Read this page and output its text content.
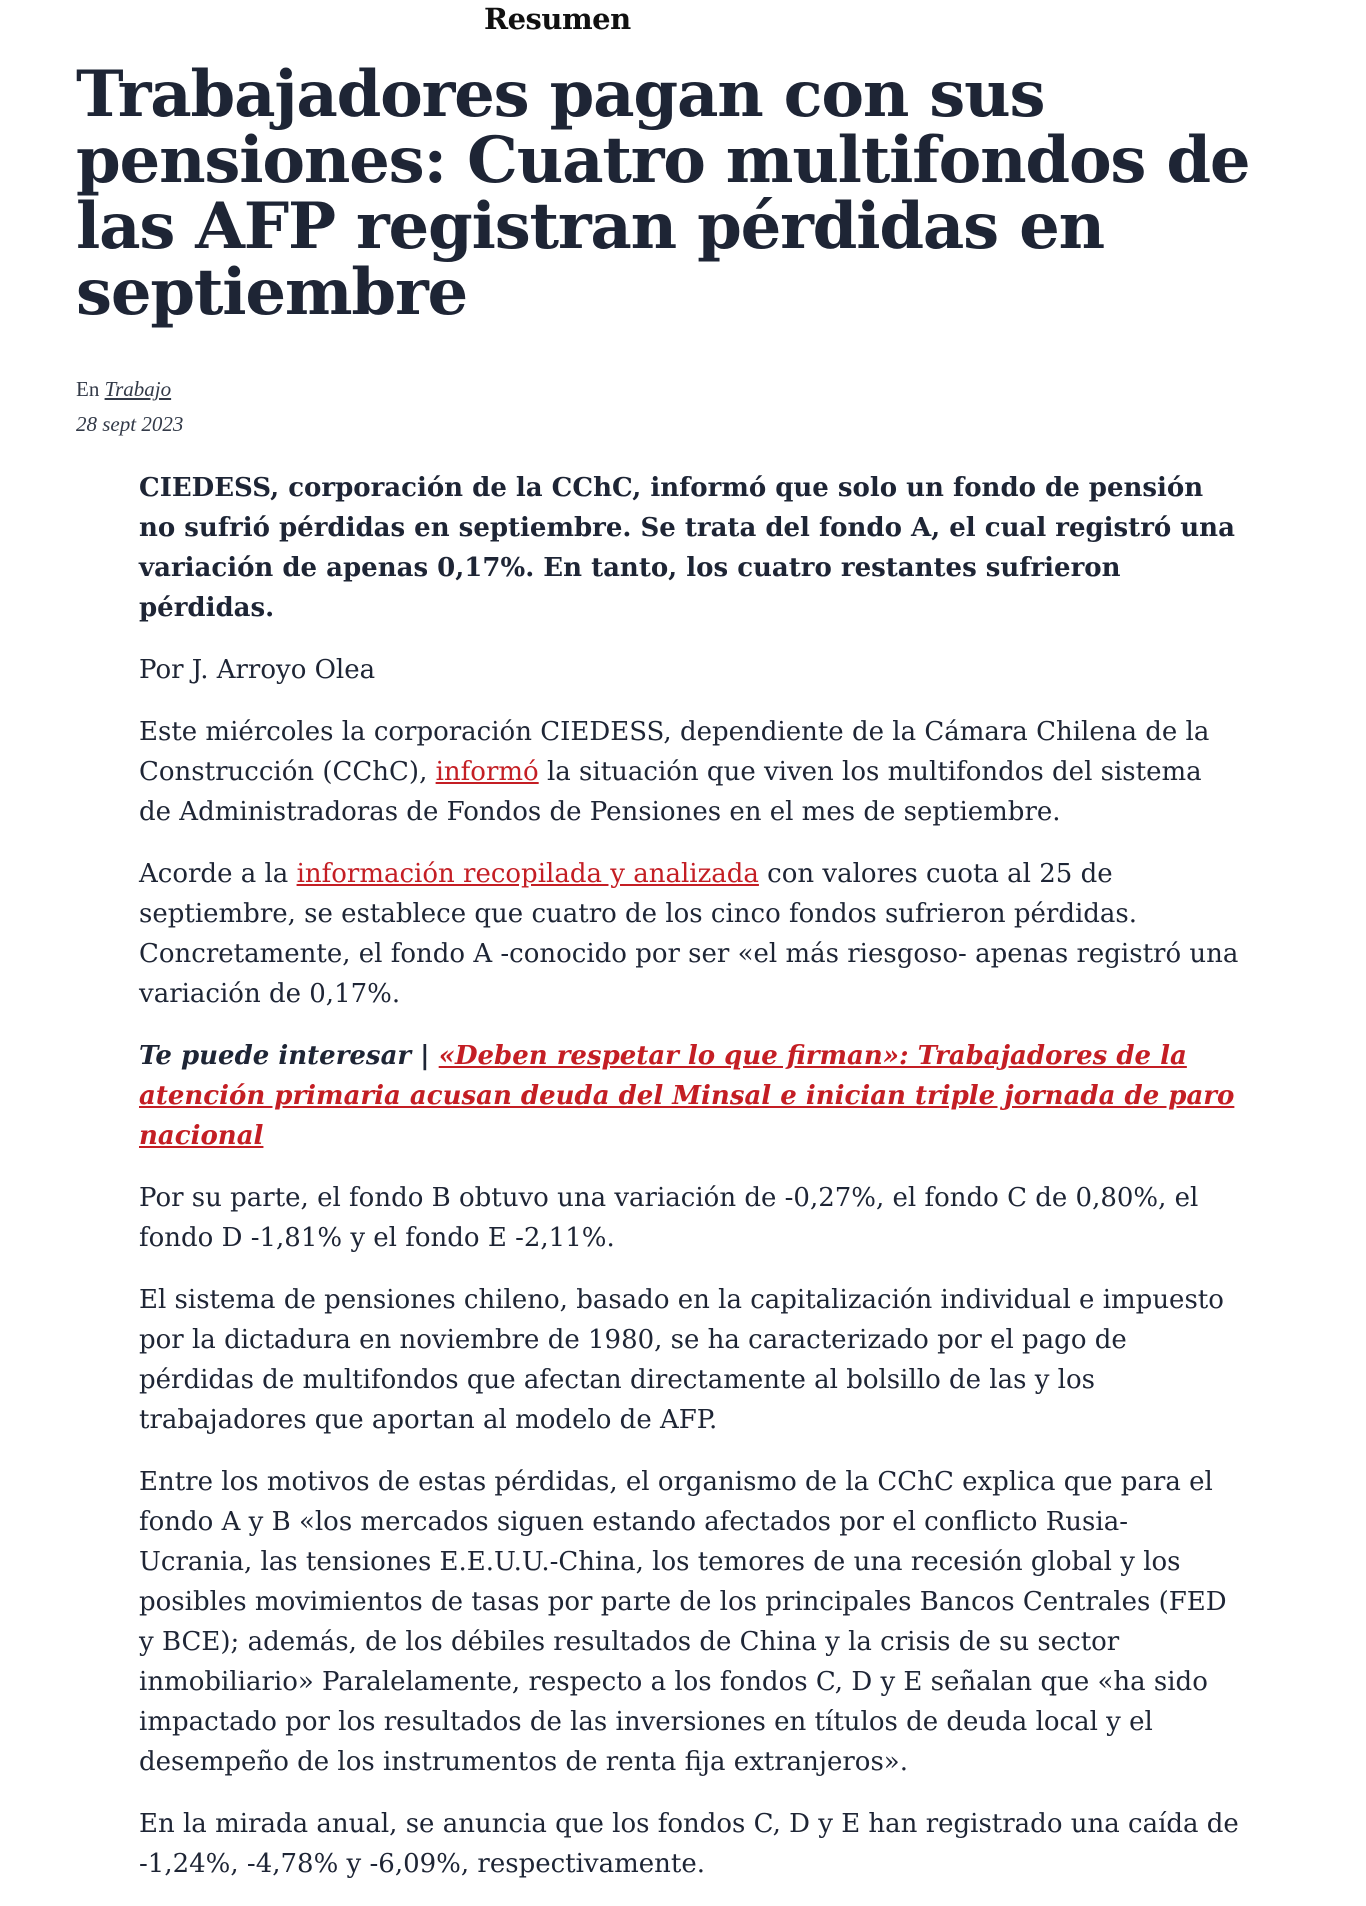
Resumen
Trabajadores pagan con sus pensiones: Cuatro multifondos de las AFP registran pérdidas en septiembre
En Trabajo
28 sept 2023

CIEDESS, corporación de la CChC, informó que solo un fondo de pensión no sufrió pérdidas en septiembre. Se trata del fondo A, el cual registró una variación de apenas 0,17%. En tanto, los cuatro restantes sufrieron pérdidas.

Por J. Arroyo Olea

Este miércoles la corporación CIEDESS, dependiente de la Cámara Chilena de la Construcción (CChC), informó la situación que viven los multifondos del sistema de Administradoras de Fondos de Pensiones en el mes de septiembre.

Acorde a la información recopilada y analizada con valores cuota al 25 de septiembre, se establece que cuatro de los cinco fondos sufrieron pérdidas. Concretamente, el fondo A -conocido por ser «el más riesgoso- apenas registró una variación de 0,17%.

Te puede interesar | «Deben respetar lo que firman»: Trabajadores de la atención primaria acusan deuda del Minsal e inician triple jornada de paro nacional

Por su parte, el fondo B obtuvo una variación de -0,27%, el fondo C de 0,80%, el fondo D -1,81% y el fondo E -2,11%.

El sistema de pensiones chileno, basado en la capitalización individual e impuesto por la dictadura en noviembre de 1980, se ha caracterizado por el pago de pérdidas de multifondos que afectan directamente al bolsillo de las y los trabajadores que aportan al modelo de AFP.

Entre los motivos de estas pérdidas, el organismo de la CChC explica que para el fondo A y B «los mercados siguen estando afectados por el conflicto Rusia-Ucrania, las tensiones E.E.U.U.-China, los temores de una recesión global y los posibles movimientos de tasas por parte de los principales Bancos Centrales (FED y BCE); además, de los débiles resultados de China y la crisis de su sector inmobiliario» Paralelamente, respecto a los fondos C, D y E señalan que «ha sido impactado por los resultados de las inversiones en títulos de deuda local y el desempeño de los instrumentos de renta fija extranjeros».

En la mirada anual, se anuncia que los fondos C, D y E han registrado una caída de -1,24%, -4,78% y -6,09%, respectivamente.
